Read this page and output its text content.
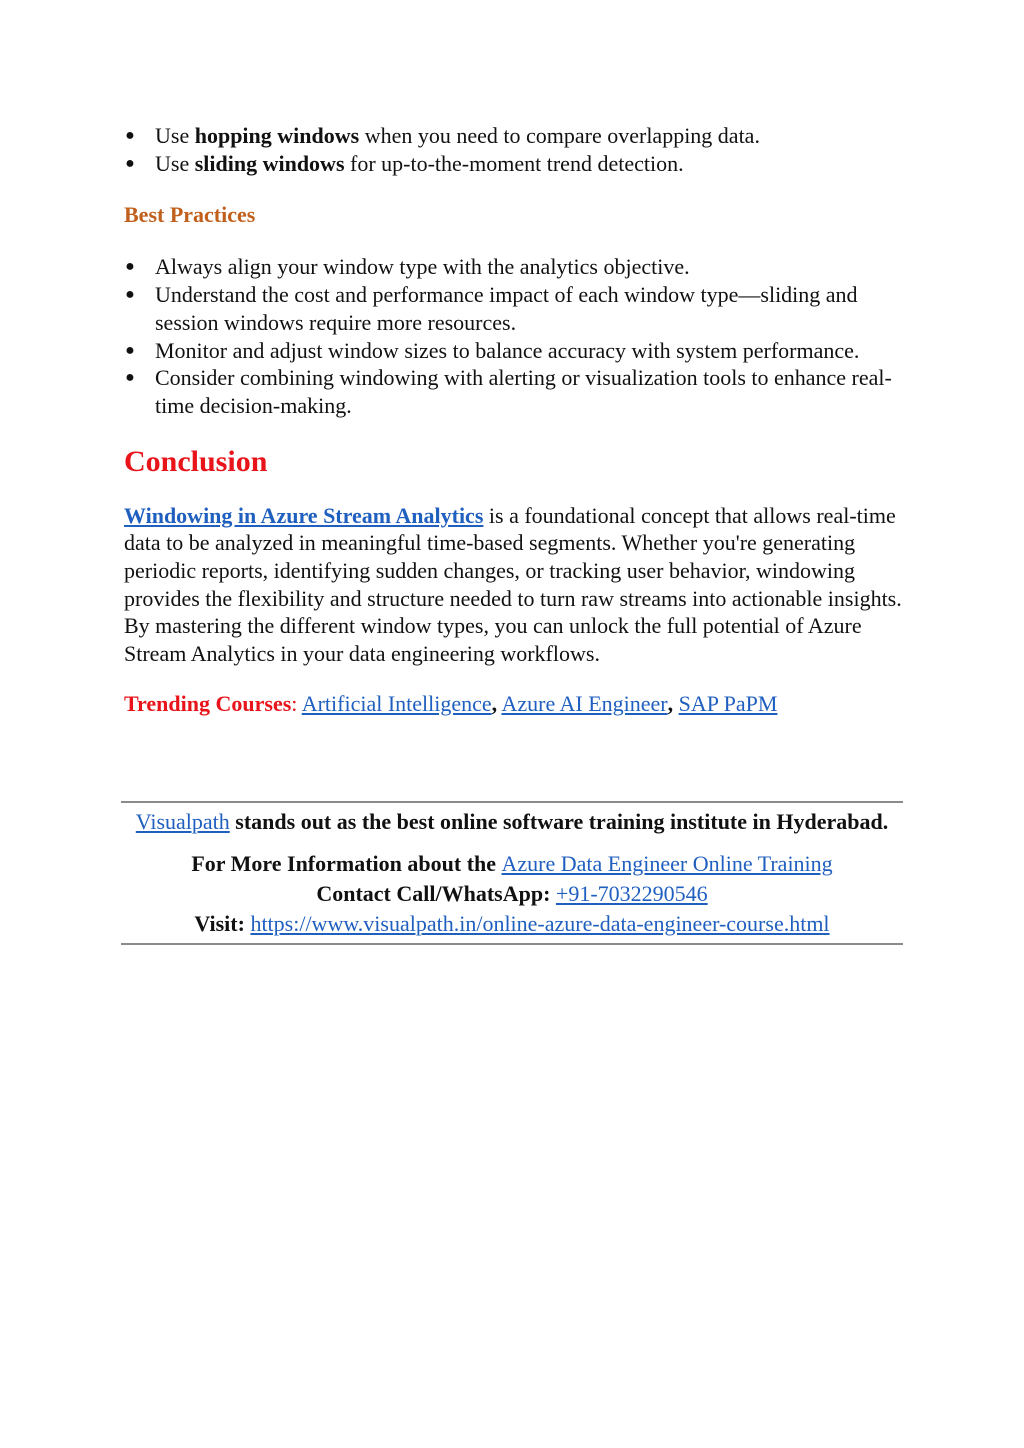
● Use hopping windows when you need to compare overlapping data.
● Use sliding windows for up-to-the-moment trend detection.
Best Practices
● Always align your window type with the analytics objective.
● Understand the cost and performance impact of each window type—sliding and session windows require more resources.
● Monitor and adjust window sizes to balance accuracy with system performance.
● Consider combining windowing with alerting or visualization tools to enhance real-time decision-making.
Conclusion

Windowing in Azure Stream Analytics is a foundational concept that allows real-time data to be analyzed in meaningful time-based segments. Whether you're generating periodic reports, identifying sudden changes, or tracking user behavior, windowing provides the flexibility and structure needed to turn raw streams into actionable insights. By mastering the different window types, you can unlock the full potential of Azure Stream Analytics in your data engineering workflows.

Trending Courses: Artificial Intelligence, Azure AI Engineer, SAP PaPM
Visualpath stands out as the best online software training institute in Hyderabad.
For More Information about the Azure Data Engineer Online Training
Contact Call/WhatsApp: +91-7032290546
Visit: https://www.visualpath.in/online-azure-data-engineer-course.html
